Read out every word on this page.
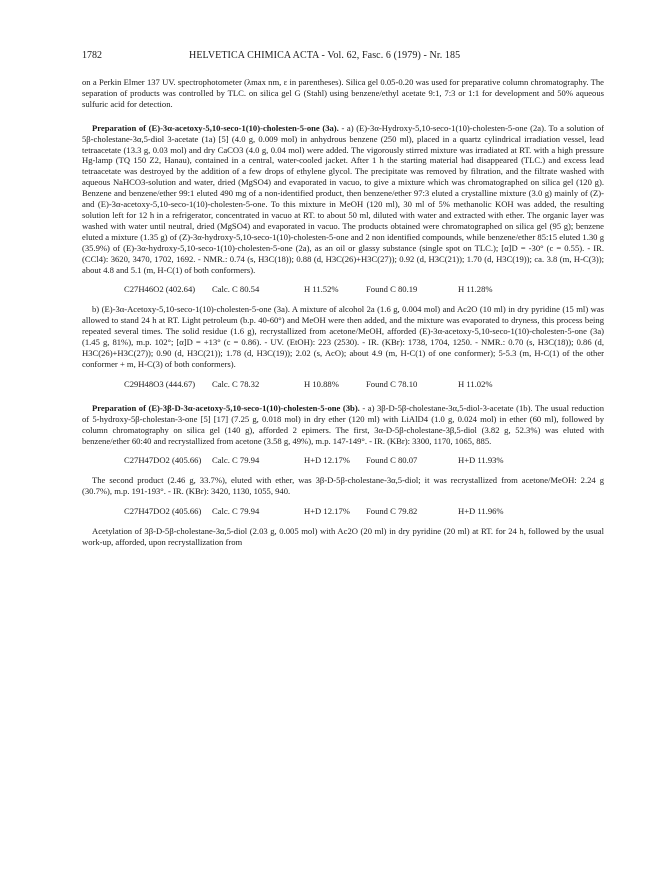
1782	HELVETICA CHIMICA ACTA - Vol. 62, Fasc. 6 (1979) - Nr. 185

on a Perkin Elmer 137 UV. spectrophotometer (λmax nm, ε in parentheses). Silica gel 0.05-0.20 was used for preparative column chromatography. The separation of products was controlled by TLC. on silica gel G (Stahl) using benzene/ethyl acetate 9:1, 7:3 or 1:1 for development and 50% aqueous sulfuric acid for detection.

Preparation of (E)-3α-acetoxy-5,10-seco-1(10)-cholesten-5-one (3a). - a) (E)-3α-Hydroxy-5,10-seco-1(10)-cholesten-5-one (2a). To a solution of 5β-cholestane-3α,5-diol 3-acetate (1a) [5] (4.0 g, 0.009 mol) in anhydrous benzene (250 ml), placed in a quartz cylindrical irradiation vessel, lead tetraacetate (13.3 g, 0.03 mol) and dry CaCO3 (4.0 g, 0.04 mol) were added. The vigorously stirred mixture was irradiated at RT. with a high pressure Hg-lamp (TQ 150 Z2, Hanau), contained in a central, water-cooled jacket. After 1 h the starting material had disappeared (TLC.) and excess lead tetraacetate was destroyed by the addition of a few drops of ethylene glycol. The precipitate was removed by filtration, and the filtrate washed with aqueous NaHCO3-solution and water, dried (MgSO4) and evaporated in vacuo, to give a mixture which was chromatographed on silica gel (120 g). Benzene and benzene/ether 99:1 eluted 490 mg of a non-identified product, then benzene/ether 97:3 eluted a crystalline mixture (3.0 g) mainly of (Z)- and (E)-3α-acetoxy-5,10-seco-1(10)-cholesten-5-one. To this mixture in MeOH (120 ml), 30 ml of 5% methanolic KOH was added, the resulting solution left for 12 h in a refrigerator, concentrated in vacuo at RT. to about 50 ml, diluted with water and extracted with ether. The organic layer was washed with water until neutral, dried (MgSO4) and evaporated in vacuo. The products obtained were chromatographed on silica gel (95 g); benzene eluted a mixture (1.35 g) of (Z)-3α-hydroxy-5,10-seco-1(10)-cholesten-5-one and 2 non identified compounds, while benzene/ether 85:15 eluted 1.30 g (35.9%) of (E)-3α-hydroxy-5,10-seco-1(10)-cholesten-5-one (2a), as an oil or glassy substance (single spot on TLC.); [α]D = -30° (c = 0.55). - IR. (CCl4): 3620, 3470, 1702, 1692. - NMR.: 0.74 (s, H3C(18)); 0.88 (d, H3C(26)+H3C(27)); 0.92 (d, H3C(21)); 1.70 (d, H3C(19)); ca. 3.8 (m, H-C(3)); about 4.8 and 5.1 (m, H-C(1) of both conformers).

C27H46O2 (402.64) Calc. C 80.54	H 11.52%	Found C 80.19	H 11.28%

b) (E)-3α-Acetoxy-5,10-seco-1(10)-cholesten-5-one (3a). A mixture of alcohol 2a (1.6 g, 0.004 mol) and Ac2O (10 ml) in dry pyridine (15 ml) was allowed to stand 24 h at RT. Light petroleum (b.p. 40-60°) and MeOH were then added, and the mixture was evaporated to dryness, this process being repeated several times. The solid residue (1.6 g), recrystallized from acetone/MeOH, afforded (E)-3α-acetoxy-5,10-seco-1(10)-cholesten-5-one (3a) (1.45 g, 81%), m.p. 102°; [α]D = +13° (c = 0.86). - UV. (EtOH): 223 (2530). - IR. (KBr): 1738, 1704, 1250. - NMR.: 0.70 (s, H3C(18)); 0.86 (d, H3C(26)+H3C(27)); 0.90 (d, H3C(21)); 1.78 (d, H3C(19)); 2.02 (s, AcO); about 4.9 (m, H-C(1) of one conformer); 5-5.3 (m, H-C(1) of the other conformer + m, H-C(3) of both conformers).

C29H48O3 (444.67) Calc. C 78.32	H 10.88%	Found C 78.10	H 11.02%

Preparation of (E)-3β-D-3α-acetoxy-5,10-seco-1(10)-cholesten-5-one (3b). - a) 3β-D-5β-cholestane-3α,5-diol-3-acetate (1b). The usual reduction of 5-hydroxy-5β-cholestan-3-one [5] [17] (7.25 g, 0.018 mol) in dry ether (120 ml) with LiAlD4 (1.0 g, 0.024 mol) in ether (60 ml), followed by column chromatography on silica gel (140 g), afforded 2 epimers. The first, 3α-D-5β-cholestane-3β,5-diol (3.82 g, 52.3%) was eluted with benzene/ether 60:40 and recrystallized from acetone (3.58 g, 49%), m.p. 147-149°. - IR. (KBr): 3300, 1170, 1065, 885.

C27H47DO2 (405.66) Calc. C 79.94	H+D 12.17% Found C 80.07	H+D 11.93%

The second product (2.46 g, 33.7%), eluted with ether, was 3β-D-5β-cholestane-3α,5-diol; it was recrystallized from acetone/MeOH: 2.24 g (30.7%), m.p. 191-193°. - IR. (KBr): 3420, 1130, 1055, 940.

C27H47DO2 (405.66) Calc. C 79.94	H+D 12.17% Found C 79.82	H+D 11.96%

Acetylation of 3β-D-5β-cholestane-3α,5-diol (2.03 g, 0.005 mol) with Ac2O (20 ml) in dry pyridine (20 ml) at RT. for 24 h, followed by the usual work-up, afforded, upon recrystallization from
